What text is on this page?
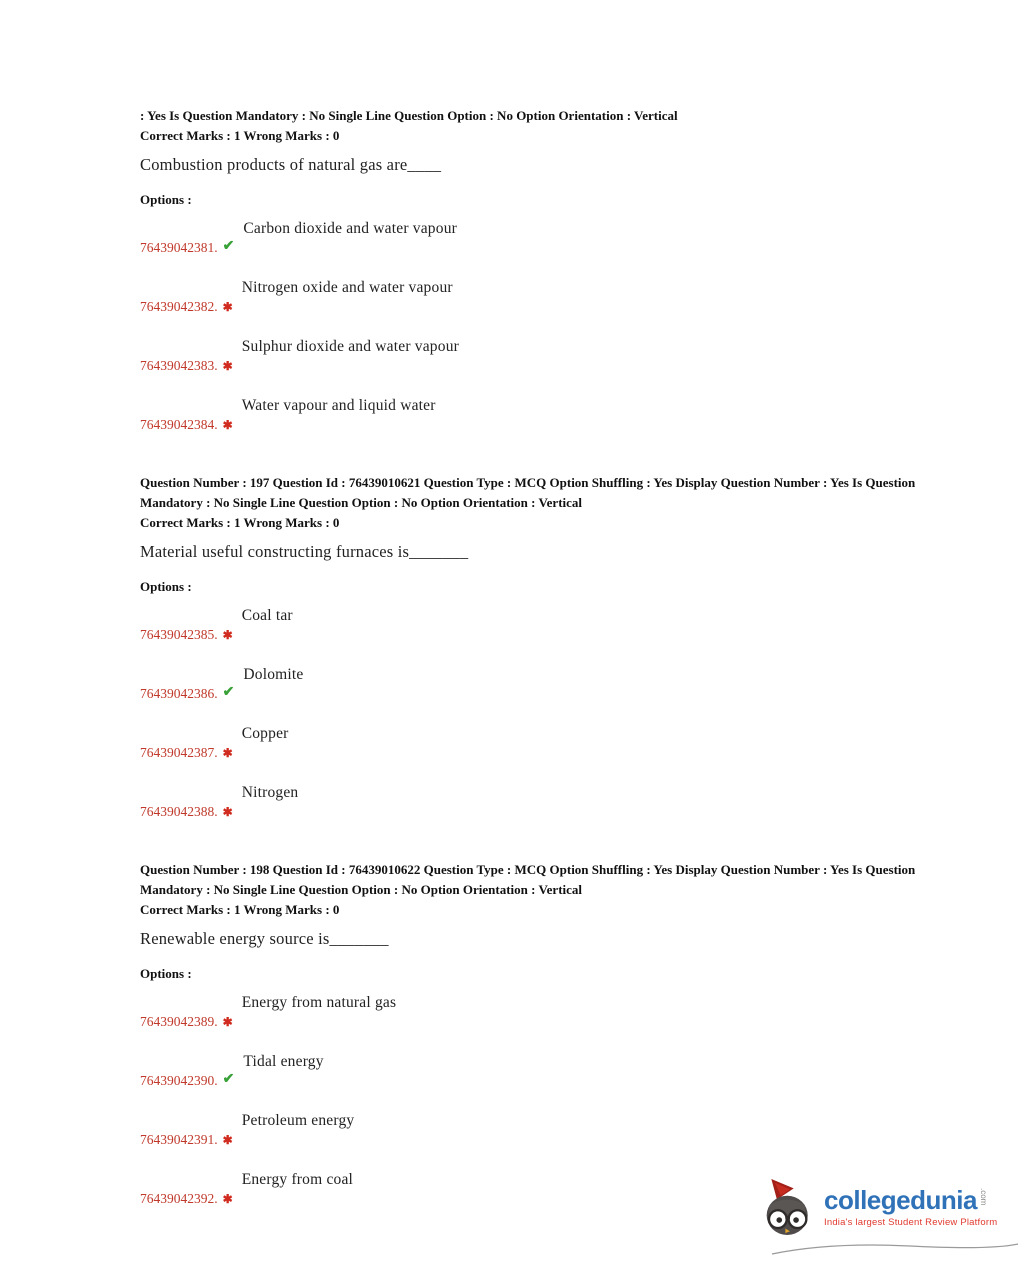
: Yes Is Question Mandatory : No Single Line Question Option : No Option Orientation : Vertical

Correct Marks : 1 Wrong Marks : 0

Combustion products of natural gas are____

Options :

76439042381. ✔
Carbon dioxide and water vapour
76439042382. ✱
Nitrogen oxide and water vapour
76439042383. ✱
Sulphur dioxide and water vapour
76439042384. ✱
Water vapour and liquid water

Question Number : 197 Question Id : 76439010621 Question Type : MCQ Option Shuffling : Yes Display Question Number : Yes Is Question Mandatory : No Single Line Question Option : No Option Orientation : Vertical

Correct Marks : 1 Wrong Marks : 0

Material useful constructing furnaces is_______

Options :

76439042385. ✱
Coal tar
76439042386. ✔
Dolomite
76439042387. ✱
Copper
76439042388. ✱
Nitrogen

Question Number : 198 Question Id : 76439010622 Question Type : MCQ Option Shuffling : Yes Display Question Number : Yes Is Question Mandatory : No Single Line Question Option : No Option Orientation : Vertical

Correct Marks : 1 Wrong Marks : 0

Renewable energy source is_______

Options :

76439042389. ✱
Energy from natural gas
76439042390. ✔
Tidal energy
76439042391. ✱
Petroleum energy
76439042392. ✱
Energy from coal
collegedunia .com
India's largest Student Review Platform
